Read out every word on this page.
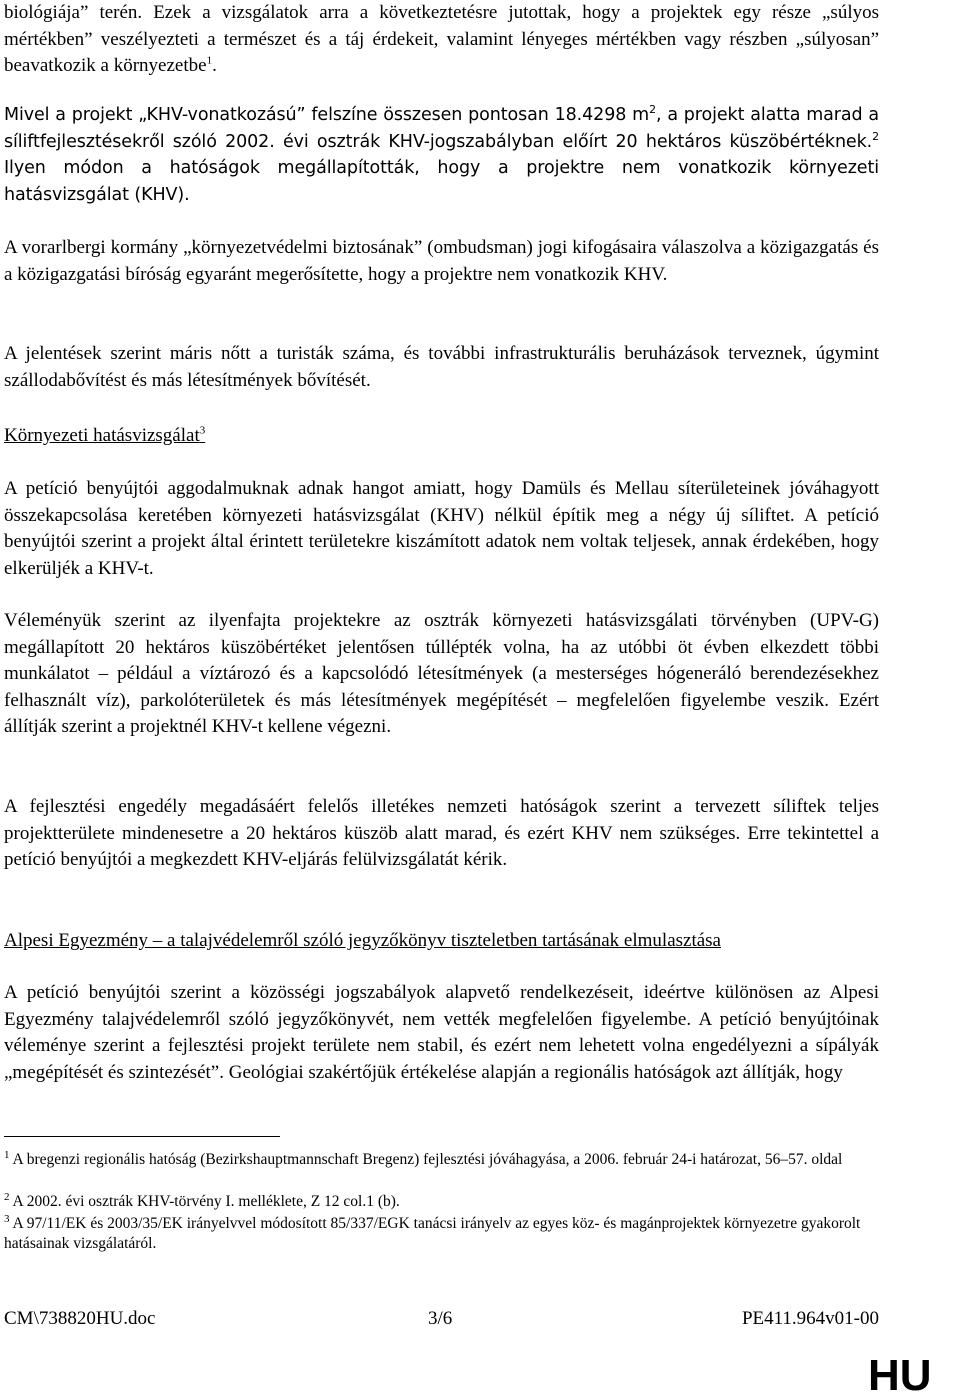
biológiája” terén. Ezek a vizsgálatok arra a következtetésre jutottak, hogy a projektek egy része „súlyos mértékben” veszélyezteti a természet és a táj érdekeit, valamint lényeges mértékben vagy részben „súlyosan” beavatkozik a környezetbe$^1$.

Mivel a projekt „KHV-vonatkozású” felszíne összesen pontosan 18.4298 $m^2$, a projekt alatta marad a síliftfejlesztésekről szóló 2002. évi osztrák KHV-jogszabályban előírt 20 hektáros küszöbértéknek.$^2$ Ilyen módon a hatóságok megállapították, hogy a projektre nem vonatkozik környezeti hatásvizsgálat (KHV).

A vorarlbergi kormány „környezetvédelmi biztosának” (ombudsman) jogi kifogásaira válaszolva a közigazgatás és a közigazgatási bíróság egyaránt megerősítette, hogy a projektre nem vonatkozik KHV.

A jelentések szerint máris nőtt a turisták száma, és további infrastrukturális beruházások terveznek, úgymint szállodabővítést és más létesítmények bővítését.

Környezeti hatásvizsgálat$^3$

A petíció benyújtói aggodalmuknak adnak hangot amiatt, hogy Damüls és Mellau síterületeinek jóváhagyott összekapcsolása keretében környezeti hatásvizsgálat (KHV) nélkül építik meg a négy új síliftet. A petíció benyújtói szerint a projekt által érintett területekre kiszámított adatok nem voltak teljesek, annak érdekében, hogy elkerüljék a KHV-t.

Véleményük szerint az ilyenfajta projektekre az osztrák környezeti hatásvizsgálati törvényben (UPV-G) megállapított 20 hektáros küszöbértéket jelentősen túllépték volna, ha az utóbbi öt évben elkezdett többi munkálatot – például a víztározó és a kapcsolódó létesítmények (a mesterséges hógeneráló berendezésekhez felhasznált víz), parkolóterületek és más létesítmények megépítését – megfelelően figyelembe veszik. Ezért állítják szerint a projektnél KHV-t kellene végezni.

A fejlesztési engedély megadásáért felelős illetékes nemzeti hatóságok szerint a tervezett síliftek teljes projektterülete mindenesetre a 20 hektáros küszöb alatt marad, és ezért KHV nem szükséges. Erre tekintettel a petíció benyújtói a megkezdett KHV-eljárás felülvizsgálatát kérik.

Alpesi Egyezmény – a talajvédelemről szóló jegyzőkönyv tiszteletben tartásának elmulasztása

A petíció benyújtói szerint a közösségi jogszabályok alapvető rendelkezéseit, ideértve különösen az Alpesi Egyezmény talajvédelemről szóló jegyzőkönyvét, nem vették megfelelően figyelembe. A petíció benyújtóinak véleménye szerint a fejlesztési projekt területe nem stabil, és ezért nem lehetett volna engedélyezni a sípályák „megépítését és szintezését”. Geológiai szakértőjük értékelése alapján a regionális hatóságok azt állítják, hogy

$^1$ A bregenzi regionális hatóság (Bezirkshauptmannschaft Bregenz) fejlesztési jóváhagyása, a 2006. február 24-i határozat, 56–57. oldal

$^2$ A 2002. évi osztrák KHV-törvény I. melléklete, Z 12 col.1 (b).

$^3$ A 97/11/EK és 2003/35/EK irányelvvel módosított 85/337/EGK tanácsi irányelv az egyes köz- és magánprojektek környezetre gyakorolt hatásainak vizsgálatáról.

CM\738820HU.doc	3/6	PE411.964v01-00
HU
